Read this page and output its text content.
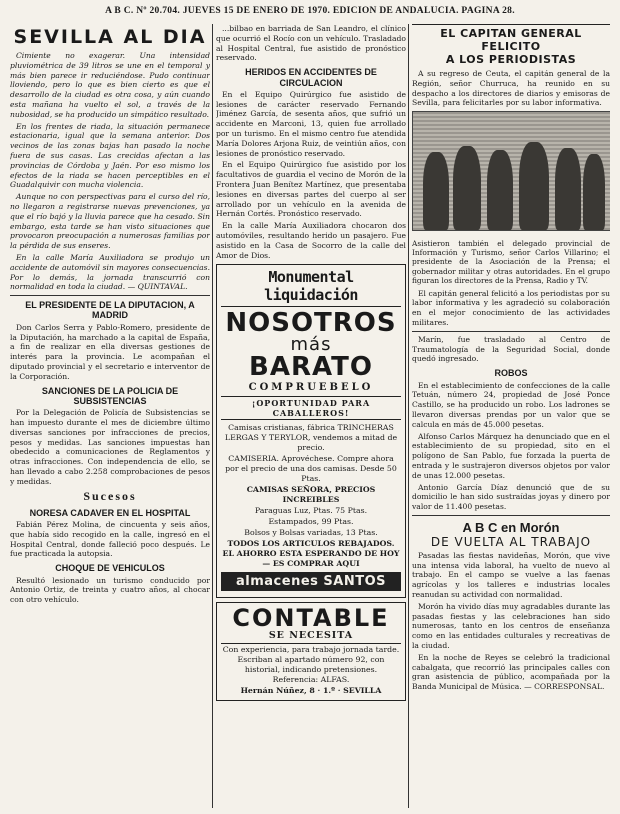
A B C. Nº 20.704. JUEVES 15 DE ENERO DE 1970. EDICION DE ANDALUCIA. PAGINA 28.
SEVILLA AL DIA

Cimiente no exagerar. Una intensidad pluviométrica de 39 litros se une en el temporal y más bien parece ir reduciéndose. Pudo continuar lloviendo, pero lo que es bien cierto es que el desarrollo de la ciudad es otra cosa, y aún cuando esta mañana ha vuelto el sol, a través de la nubosidad, se ha producido un simpático resultado.

En los frentes de riada, la situación permanece estacionaria, igual que la semana anterior. Dos vecinos de las zonas bajas han pasado la noche fuera de sus casas. Las crecidas afectan a las provincias de Córdoba y Jaén. Por eso mismo los efectos de la riada se hacen perceptibles en el Guadalquivir con mucha violencia.

Aunque no con perspectivas para el curso del río, no llegaron a registrarse nuevas prevenciones, ya que el río bajó y la lluvia parece que ha cesado. Sin embargo, esta tarde se han visto situaciones que provocaron preocupación a numerosas familias por la pérdida de sus enseres.

En la calle María Auxiliadora se produjo un accidente de automóvil sin mayores consecuencias. Por lo demás, la jornada transcurrió con normalidad en toda la ciudad. — QUINTAVAL.

EL PRESIDENTE DE LA DIPUTACION, A MADRID

Don Carlos Serra y Pablo-Romero, presidente de la Diputación, ha marchado a la capital de España, a fin de realizar en ella diversas gestiones de interés para la provincia. Le acompañan el diputado provincial y el secretario e interventor de la Corporación.

SANCIONES DE LA POLICIA DE SUBSISTENCIAS

Por la Delegación de Policía de Subsistencias se han impuesto durante el mes de diciembre último diversas sanciones por infracciones de precios, pesos y medidas. Las sanciones impuestas han obedecido a comunicaciones de Reglamentos y otras infracciones. Con independencia de ello, se han llevado a cabo 2.258 comprobaciones de pesos y medidas.

Sucesos
NORESA CADAVER EN EL HOSPITAL

Fabián Pérez Molina, de cincuenta y seis años, que había sido recogido en la calle, ingresó en el Hospital Central, donde falleció poco después. Le fue practicada la autopsia.

CHOQUE DE VEHICULOS

Resultó lesionado un turismo conducido por Antonio Ortiz, de treinta y cuatro años, al chocar con otro vehículo.

...bilbao en barriada de San Leandro, el clínico que ocurrió el Rocío con un vehículo. Trasladado al Hospital Central, fue asistido de pronóstico reservado.

HERIDOS EN ACCIDENTES DE CIRCULACION

En el Equipo Quirúrgico fue asistido de lesiones de carácter reservado Fernando Jiménez García, de sesenta años, que sufrió un accidente en Marconi, 13, quien fue arrollado por un turismo. En el mismo centro fue atendida María Dolores Arjona Ruiz, de veintiún años, con lesiones de pronóstico reservado.

En el Equipo Quirúrgico fue asistido por los facultativos de guardia el vecino de Morón de la Frontera Juan Benítez Martínez, que presentaba lesiones en diversas partes del cuerpo al ser arrollado por un vehículo en la avenida de Hernán Cortés. Pronóstico reservado.

En la calle María Auxiliadora chocaron dos automóviles, resultando herido un pasajero. Fue asistido en la Casa de Socorro de la calle del Amor de Dios.

Monumental liquidación
NOSOTROS
más
BARATO
COMPRUEBELO
¡OPORTUNIDAD PARA CABALLEROS!

Camisas cristianas, fábrica TRINCHERAS LERGAS Y TERYLOR, vendemos a mitad de precio.

CAMISERIA. Aprovéchese. Compre ahora por el precio de una dos camisas. Desde 50 Ptas.

CAMISAS SEÑORA, PRECIOS INCREIBLES

Paraguas Luz, Ptas. 75 Ptas.

Estampados, 99 Ptas.

Bolsos y Bolsas variadas, 13 Ptas.

TODOS LOS ARTICULOS REBAJADOS. EL AHORRO ESTA ESPERANDO DE HOY — ES COMPRAR AQUI

almacenes SANTOS
CONTABLE
SE NECESITA

Con experiencia, para trabajo jornada tarde. Escriban al apartado número 92, con historial, indicando pretensiones. Referencia: ALFAS.

Hernán Núñez, 8 · 1.º · SEVILLA

EL CAPITAN GENERAL FELICITO
A LOS PERIODISTAS

A su regreso de Ceuta, el capitán general de la Región, señor Churruca, ha reunido en su despacho a los directores de diarios y emisoras de Sevilla, para felicitarles por su labor informativa.

Asistieron también el delegado provincial de Información y Turismo, señor Carlos Villarino; el presidente de la Asociación de la Prensa; el gobernador militar y otras autoridades. En el grupo figuran los directores de la Prensa, Radio y TV.

El capitán general felicitó a los periodistas por su labor informativa y les agradeció su colaboración en el mejor conocimiento de las actividades militares.

Marín, fue trasladado al Centro de Traumatología de la Seguridad Social, donde quedó ingresado.

ROBOS

En el establecimiento de confecciones de la calle Tetuán, número 24, propiedad de José Ponce Castillo, se ha producido un robo. Los ladrones se llevaron diversas prendas por un valor que se calcula en más de 45.000 pesetas.

Alfonso Carlos Márquez ha denunciado que en el establecimiento de su propiedad, sito en el polígono de San Pablo, fue forzada la puerta de entrada y le sustrajeron diversos objetos por valor de unas 12.000 pesetas.

Antonio García Díaz denunció que de su domicilio le han sido sustraídas joyas y dinero por valor de 11.400 pesetas.

A B C en Morón
DE VUELTA AL TRABAJO

Pasadas las fiestas navideñas, Morón, que vive una intensa vida laboral, ha vuelto de nuevo al trabajo. En el campo se vuelve a las faenas agrícolas y los talleres e industrias locales reanudan su actividad con normalidad.

Morón ha vivido días muy agradables durante las pasadas fiestas y las celebraciones han sido numerosas, tanto en los centros de enseñanza como en las entidades culturales y recreativas de la ciudad.

En la noche de Reyes se celebró la tradicional cabalgata, que recorrió las principales calles con gran asistencia de público, acompañada por la Banda Municipal de Música. — CORRESPONSAL.
